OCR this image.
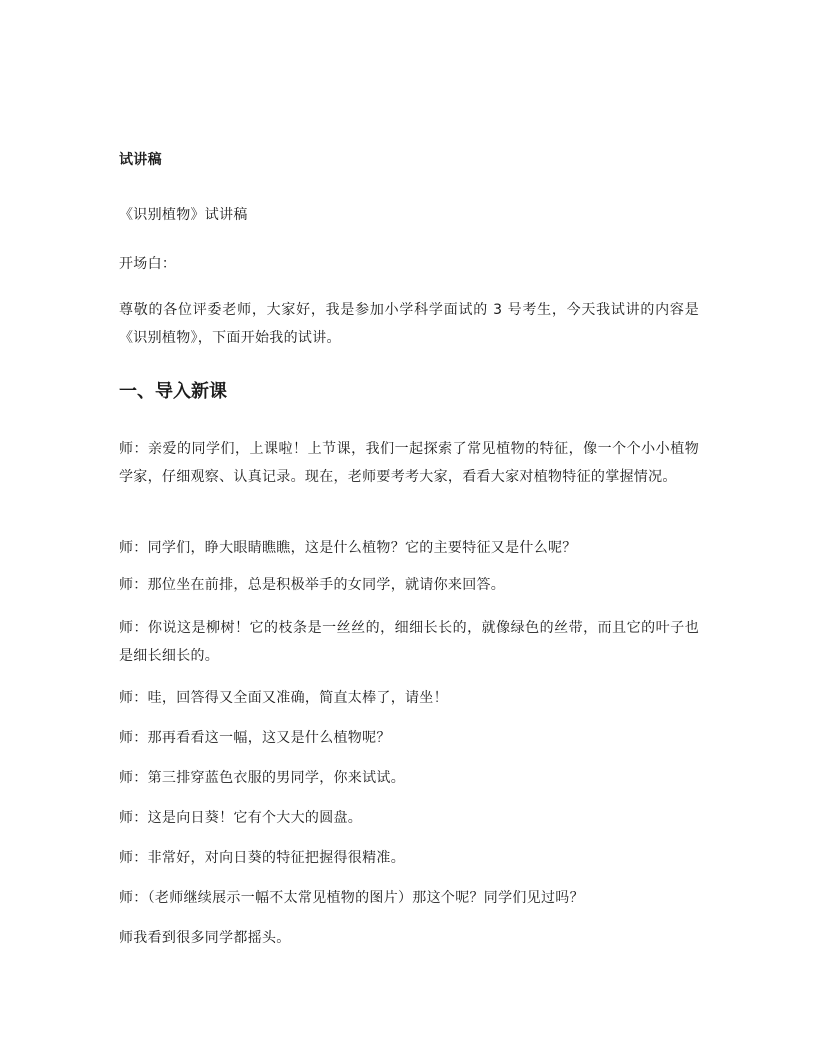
试讲稿
《识别植物》试讲稿
开场白：
尊敬的各位评委老师，大家好，我是参加小学科学面试的 3 号考生，今天我试讲的内容是《识别植物》，下面开始我的试讲。
一、导入新课
师：亲爱的同学们，上课啦！上节课，我们一起探索了常见植物的特征，像一个个小小植物学家，仔细观察、认真记录。现在，老师要考考大家，看看大家对植物特征的掌握情况。
师：同学们，睁大眼睛瞧瞧，这是什么植物？它的主要特征又是什么呢？
师：那位坐在前排，总是积极举手的女同学，就请你来回答。
师：你说这是柳树！它的枝条是一丝丝的，细细长长的，就像绿色的丝带，而且它的叶子也是细长细长的。
师：哇，回答得又全面又准确，简直太棒了，请坐！
师：那再看看这一幅，这又是什么植物呢？
师：第三排穿蓝色衣服的男同学，你来试试。
师：这是向日葵！它有个大大的圆盘。
师：非常好，对向日葵的特征把握得很精准。
师：（老师继续展示一幅不太常见植物的图片）那这个呢？同学们见过吗？
师我看到很多同学都摇头。
